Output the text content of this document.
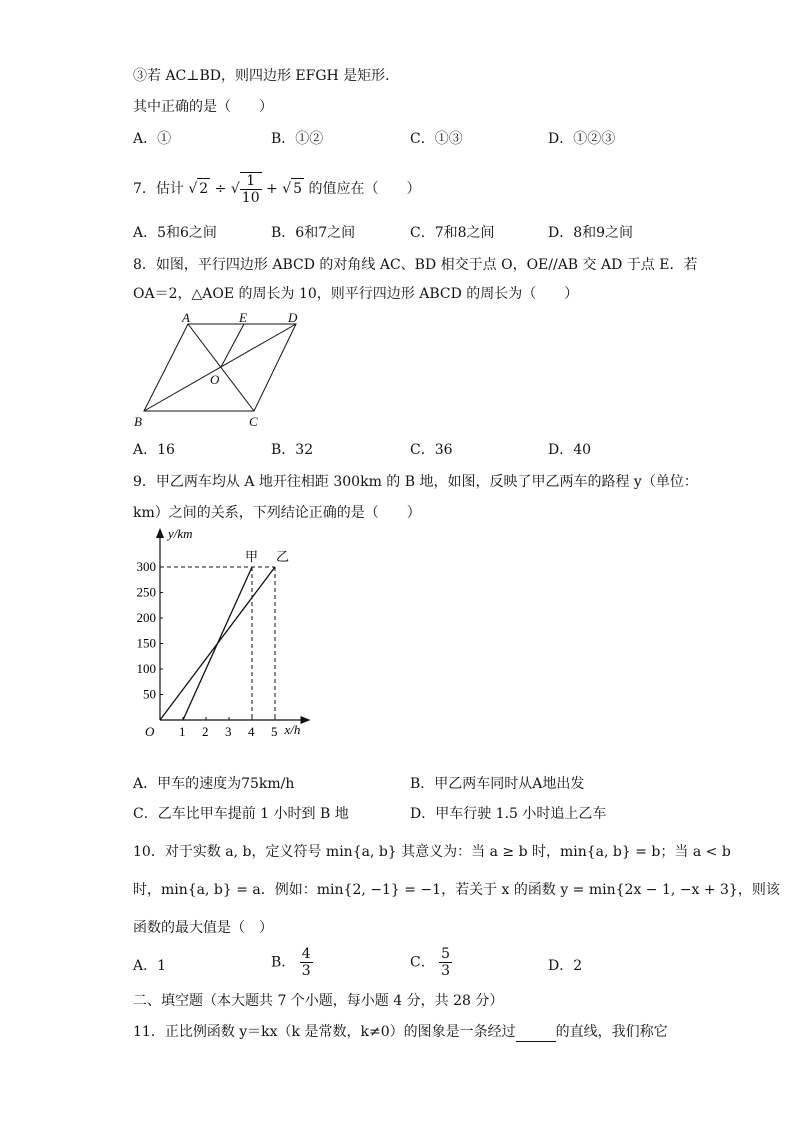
③若 AC⊥BD，则四边形 EFGH 是矩形．
其中正确的是（　　）
A．①	B．①②	C．①③	D．①②③
7．估计 √ 2 ÷ √ $\frac{1}{10}$ + √ 5 的值应在（　　）
A．5和6之间	B．6和7之间	C．7和8之间	D．8和9之间
8．如图，平行四边形 ABCD 的对角线 AC、BD 相交于点 O，OE//AB 交 AD 于点 E．若
OA＝2，△AOE 的周长为 10，则平行四边形 ABCD 的周长为（　　）
A	E	D
O
B	C
A．16	B．32	C．36	D．40
9．甲乙两车均从 A 地开往相距 300km 的 B 地，如图，反映了甲乙两车的路程 y（单位：
km）之间的关系，下列结论正确的是（　　）
y/km
x/h
O 1 2 3 4 5
50
100
150
200
250
300
甲 乙
A．甲车的速度为75km/h	B．甲乙两车同时从A地出发
C．乙车比甲车提前 1 小时到 B 地	D．甲车行驶 1.5 小时追上乙车
10．对于实数 a, b，定义符号 min{a, b} 其意义为：当 a ≥ b 时，min{a, b} = b；当 a < b
时，min{a, b} = a．例如：min{2, −1} = −1，若关于 x 的函数 y = min{2x − 1, −x + 3}，则该
函数的最大值是（　）
A．1	B． $\frac{4}{3}$	C． $\frac{5}{3}$	D．2
二、填空题（本大题共 7 个小题，每小题 4 分，共 28 分）
11．正比例函数 y＝kx（k 是常数，k≠0）的图象是一条经过	的直线，我们称它
